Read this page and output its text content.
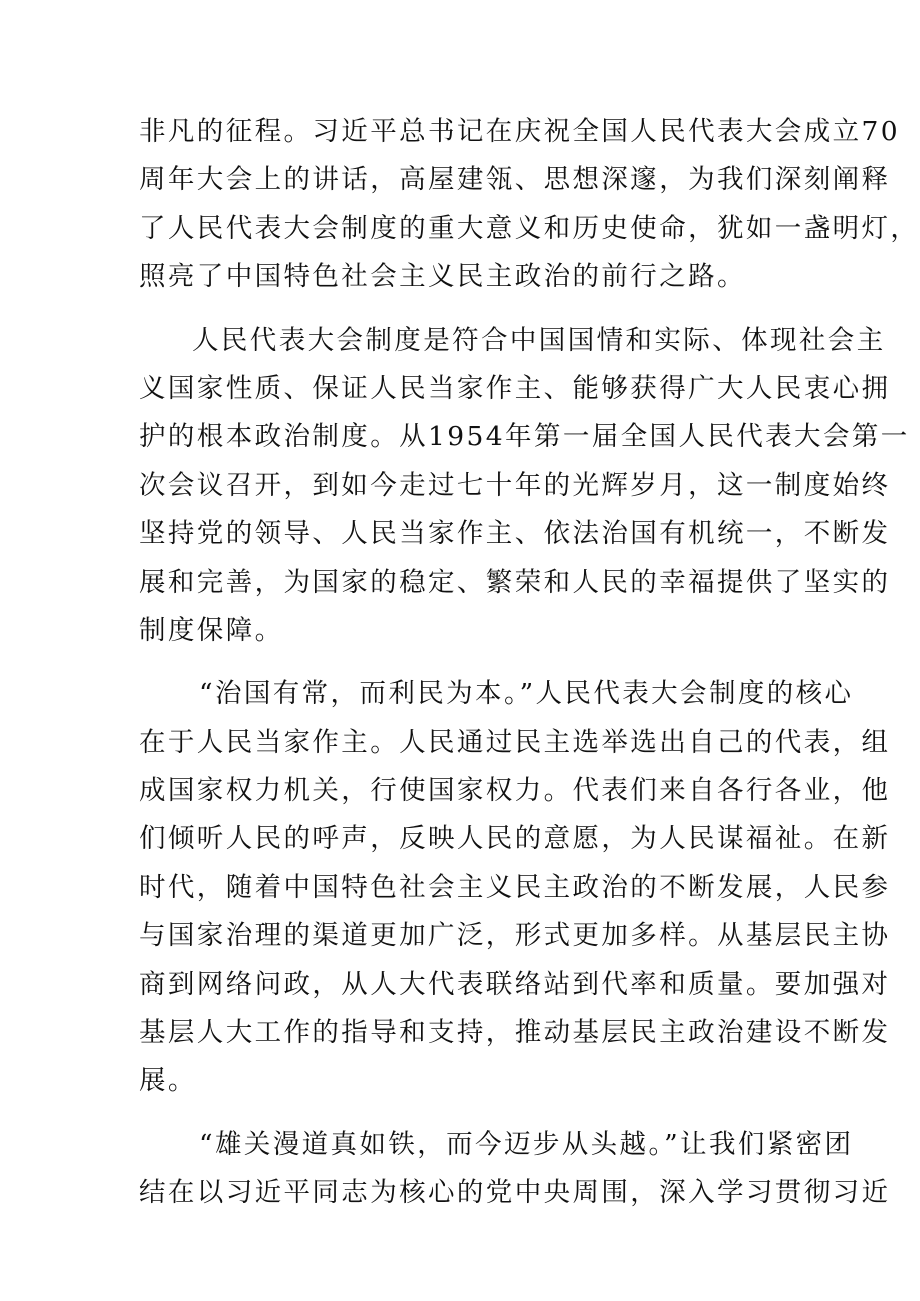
非凡的征程。习近平总书记在庆祝全国人民代表大会成立70
周年大会上的讲话，高屋建瓴、思想深邃，为我们深刻阐释
了人民代表大会制度的重大意义和历史使命，犹如一盏明灯，
照亮了中国特色社会主义民主政治的前行之路。
人民代表大会制度是符合中国国情和实际、体现社会主
义国家性质、保证人民当家作主、能够获得广大人民衷心拥
护的根本政治制度。从1954年第一届全国人民代表大会第一
次会议召开，到如今走过七十年的光辉岁月，这一制度始终
坚持党的领导、人民当家作主、依法治国有机统一，不断发
展和完善，为国家的稳定、繁荣和人民的幸福提供了坚实的
制度保障。
“治国有常，而利民为本。”人民代表大会制度的核心
在于人民当家作主。人民通过民主选举选出自己的代表，组
成国家权力机关，行使国家权力。代表们来自各行各业，他
们倾听人民的呼声，反映人民的意愿，为人民谋福祉。在新
时代，随着中国特色社会主义民主政治的不断发展，人民参
与国家治理的渠道更加广泛，形式更加多样。从基层民主协
商到网络问政，从人大代表联络站到代率和质量。要加强对
基层人大工作的指导和支持，推动基层民主政治建设不断发
展。
“雄关漫道真如铁，而今迈步从头越。”让我们紧密团
结在以习近平同志为核心的党中央周围，深入学习贯彻习近
